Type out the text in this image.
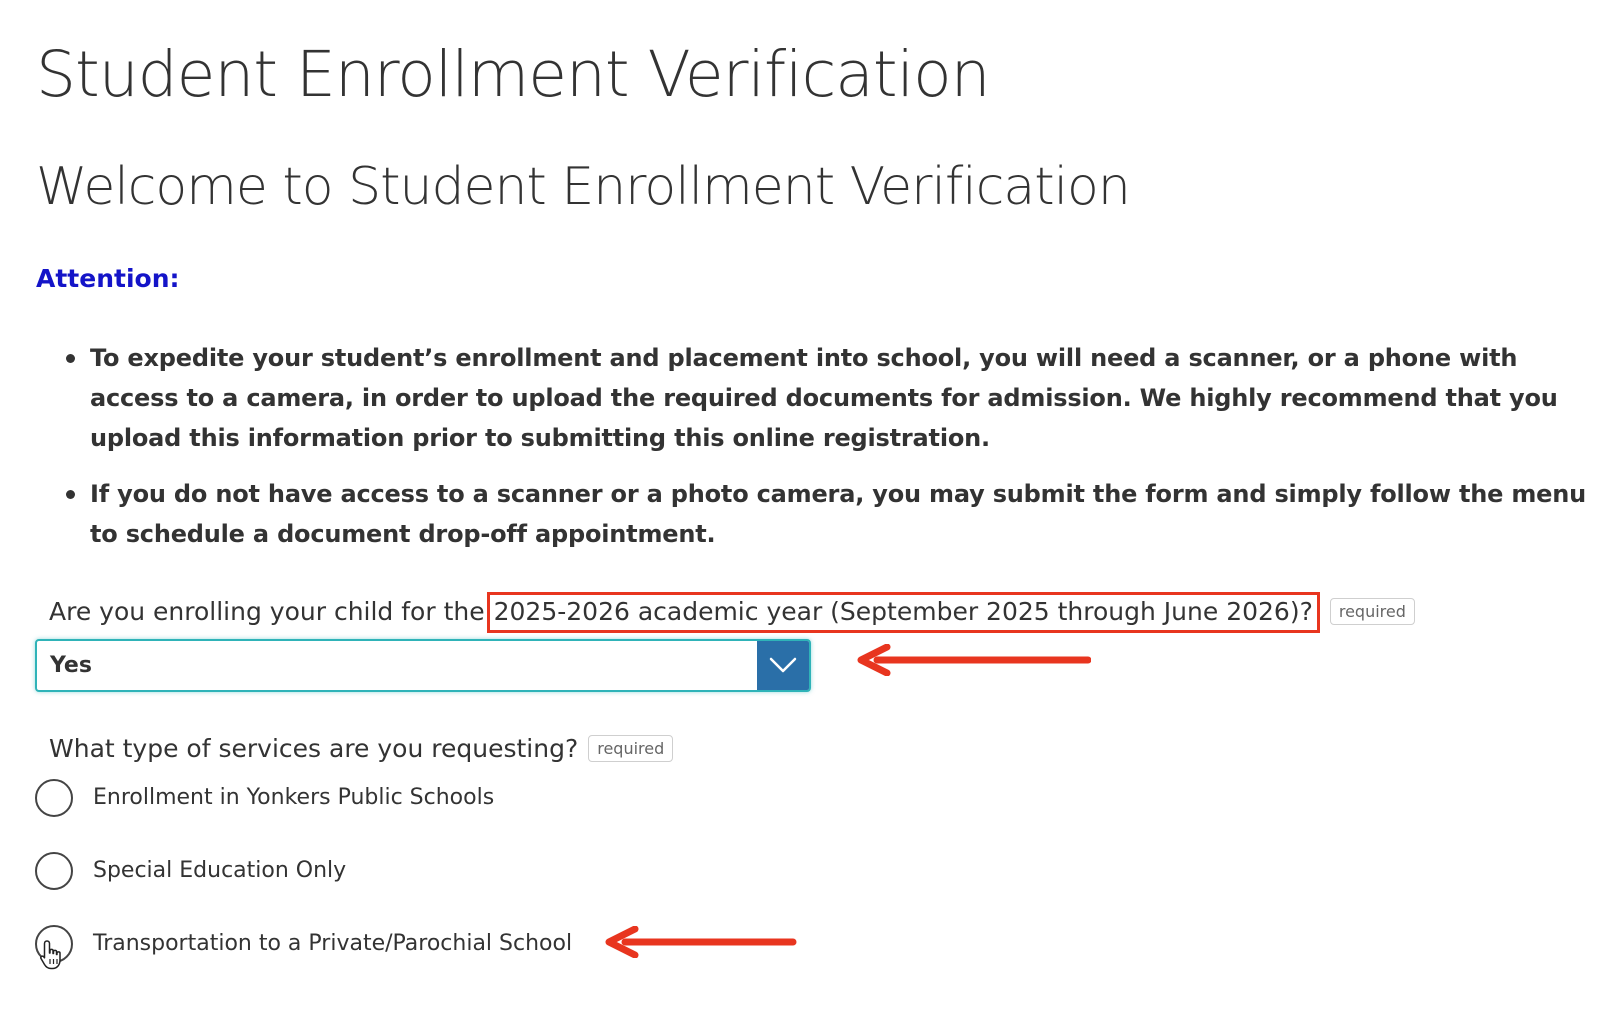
Student Enrollment Verification
Welcome to Student Enrollment Verification
Attention:
To expedite your student’s enrollment and placement into school, you will need a scanner, or a phone with access to a camera, in order to upload the required documents for admission. We highly recommend that you upload this information prior to submitting this online registration.
If you do not have access to a scanner or a photo camera, you may submit the form and simply follow the menu to schedule a document drop-off appointment.
Are you enrolling your child for the 2025-2026 academic year (September 2025 through June 2026)? required
Yes
What type of services are you requesting? required
Enrollment in Yonkers Public Schools
Special Education Only
Transportation to a Private/Parochial School
